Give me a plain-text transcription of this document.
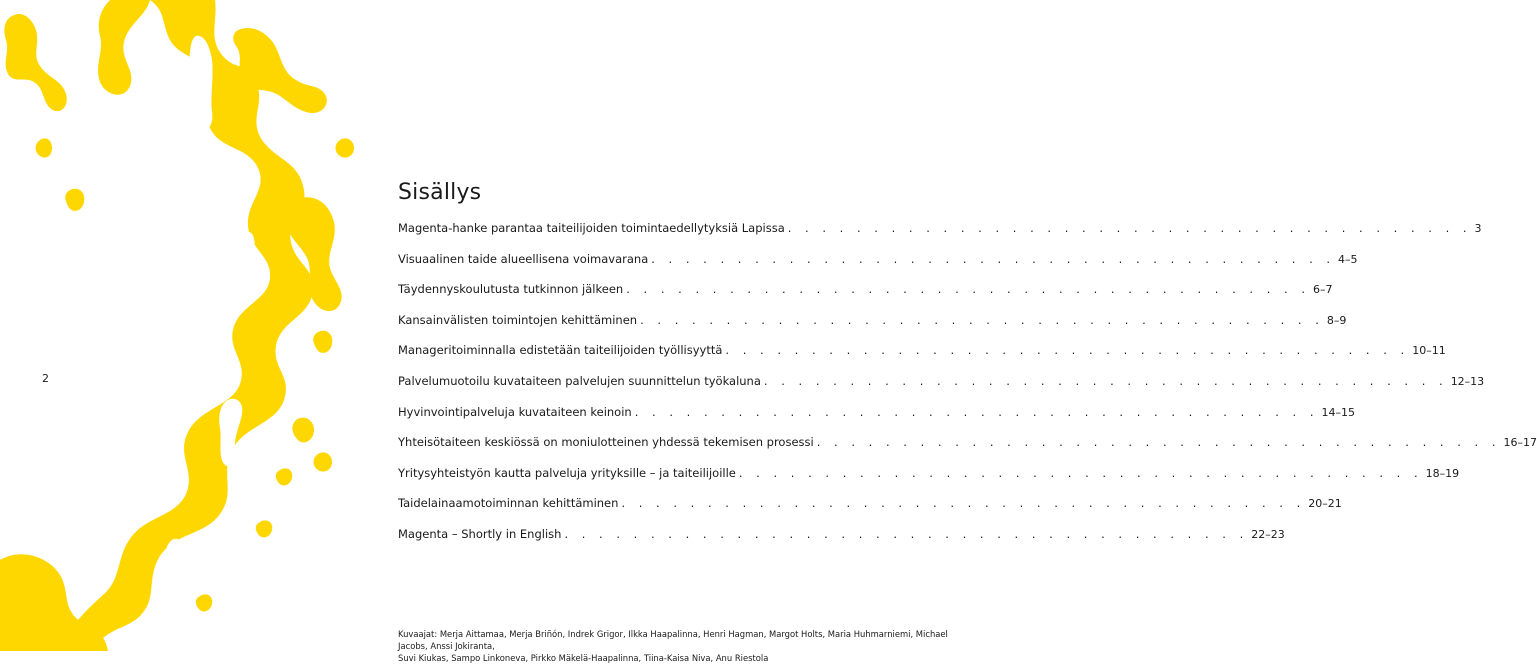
2
Sisällys
Magenta-hanke parantaa taiteilijoiden toimintaedellytyksiä Lapissa . . . . . . . . . . . . . . . . . . . . . . . . . . . . . . . . . . . . . . . . 3
Visuaalinen taide alueellisena voimavarana . . . . . . . . . . . . . . . . . . . . . . . . . . . . . . . . . . . . . . . . 4–5
Täydennyskoulutusta tutkinnon jälkeen . . . . . . . . . . . . . . . . . . . . . . . . . . . . . . . . . . . . . . . . 6–7
Kansainvälisten toimintojen kehittäminen . . . . . . . . . . . . . . . . . . . . . . . . . . . . . . . . . . . . . . . . 8–9
Manageritoiminnalla edistetään taiteilijoiden työllisyyttä . . . . . . . . . . . . . . . . . . . . . . . . . . . . . . . . . . . . . . . . 10–11
Palvelumuotoilu kuvataiteen palvelujen suunnittelun työkaluna . . . . . . . . . . . . . . . . . . . . . . . . . . . . . . . . . . . . . . . . 12–13
Hyvinvointipalveluja kuvataiteen keinoin . . . . . . . . . . . . . . . . . . . . . . . . . . . . . . . . . . . . . . . . 14–15
Yhteisötaiteen keskiössä on moniulotteinen yhdessä tekemisen prosessi . . . . . . . . . . . . . . . . . . . . . . . . . . . . . . . . . . . . . . . . 16–17
Yritysyhteistyön kautta palveluja yrityksille – ja taiteilijoille . . . . . . . . . . . . . . . . . . . . . . . . . . . . . . . . . . . . . . . . 18–19
Taidelainaamotoiminnan kehittäminen . . . . . . . . . . . . . . . . . . . . . . . . . . . . . . . . . . . . . . . . 20–21
Magenta – Shortly in English . . . . . . . . . . . . . . . . . . . . . . . . . . . . . . . . . . . . . . . . 22–23
Kuvaajat: Merja Aittamaa, Merja Briñón, Indrek Grigor, Ilkka Haapalinna, Henri Hagman, Margot Holts, Maria Huhmarniemi, Michael Jacobs, Anssi Jokiranta,
Suvi Kiukas, Sampo Linkoneva, Pirkko Mäkelä-Haapalinna, Tiina-Kaisa Niva, Anu Riestola
